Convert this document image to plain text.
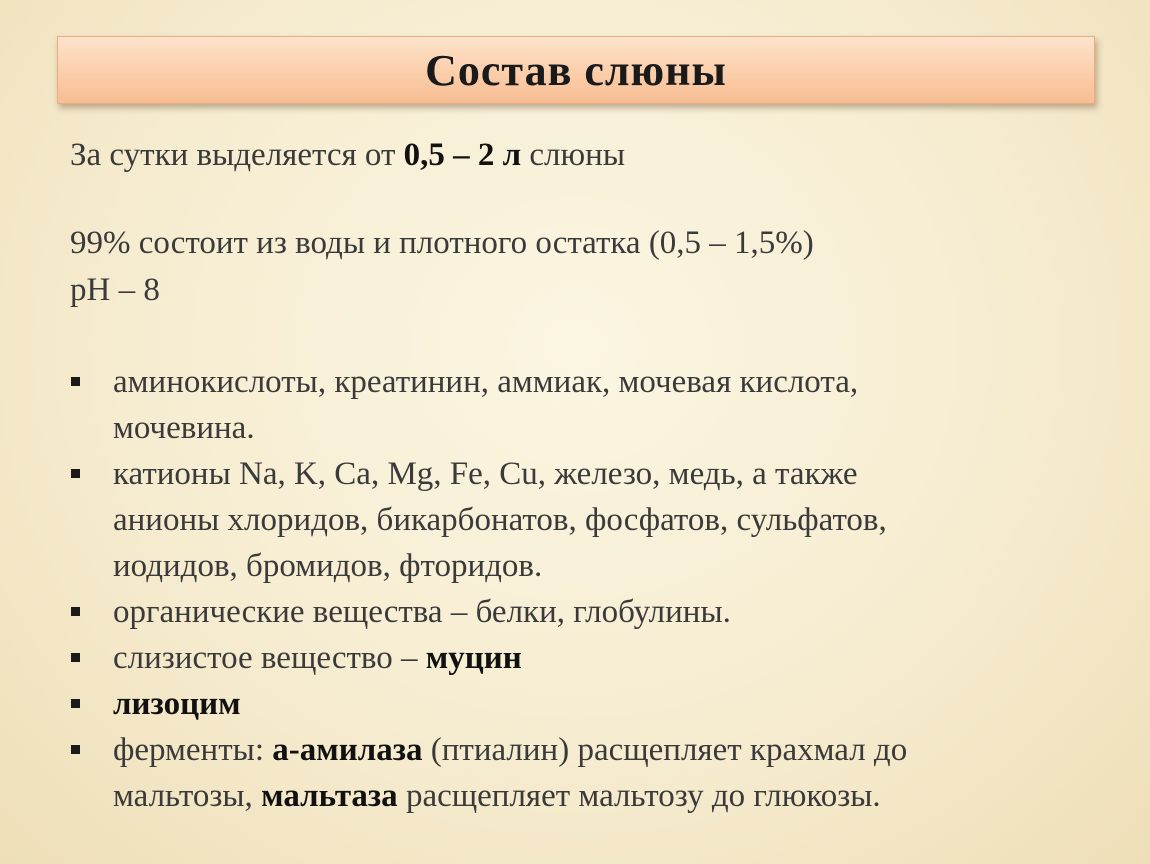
Состав слюны
За сутки выделяется от 0,5 – 2 л слюны
99% состоит из воды и плотного остатка (0,5 – 1,5%)
pH – 8
аминокислоты, креатинин, аммиак, мочевая кислота,
мочевина.
катионы Na, K, Ca, Mg, Fe, Cu, железо, медь, а также
анионы хлоридов, бикарбонатов, фосфатов, сульфатов,
иодидов, бромидов, фторидов.
органические вещества – белки, глобулины.
слизистое вещество – муцин
лизоцим
ферменты: а-амилаза (птиалин) расщепляет крахмал до
мальтозы, мальтаза расщепляет мальтозу до глюкозы.
